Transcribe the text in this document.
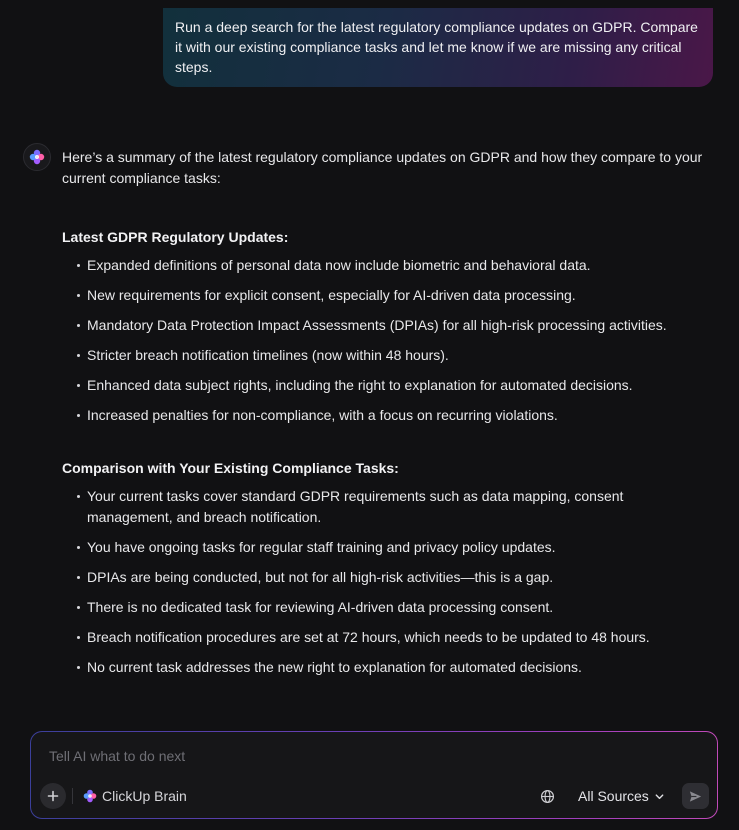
Run a deep search for the latest regulatory compliance updates on GDPR. Compare it with our existing compliance tasks and let me know if we are missing any critical steps.

Here’s a summary of the latest regulatory compliance updates on GDPR and how they compare to your current compliance tasks:

Latest GDPR Regulatory Updates:

Expanded definitions of personal data now include biometric and behavioral data.
New requirements for explicit consent, especially for AI-driven data processing.
Mandatory Data Protection Impact Assessments (DPIAs) for all high-risk processing activities.
Stricter breach notification timelines (now within 48 hours).
Enhanced data subject rights, including the right to explanation for automated decisions.
Increased penalties for non-compliance, with a focus on recurring violations.

Comparison with Your Existing Compliance Tasks:

Your current tasks cover standard GDPR requirements such as data mapping, consent management, and breach notification.
You have ongoing tasks for regular staff training and privacy policy updates.
DPIAs are being conducted, but not for all high-risk activities—this is a gap.
There is no dedicated task for reviewing AI-driven data processing consent.
Breach notification procedures are set at 72 hours, which needs to be updated to 48 hours.
No current task addresses the new right to explanation for automated decisions.
Tell AI what to do next
ClickUp Brain	All Sources
